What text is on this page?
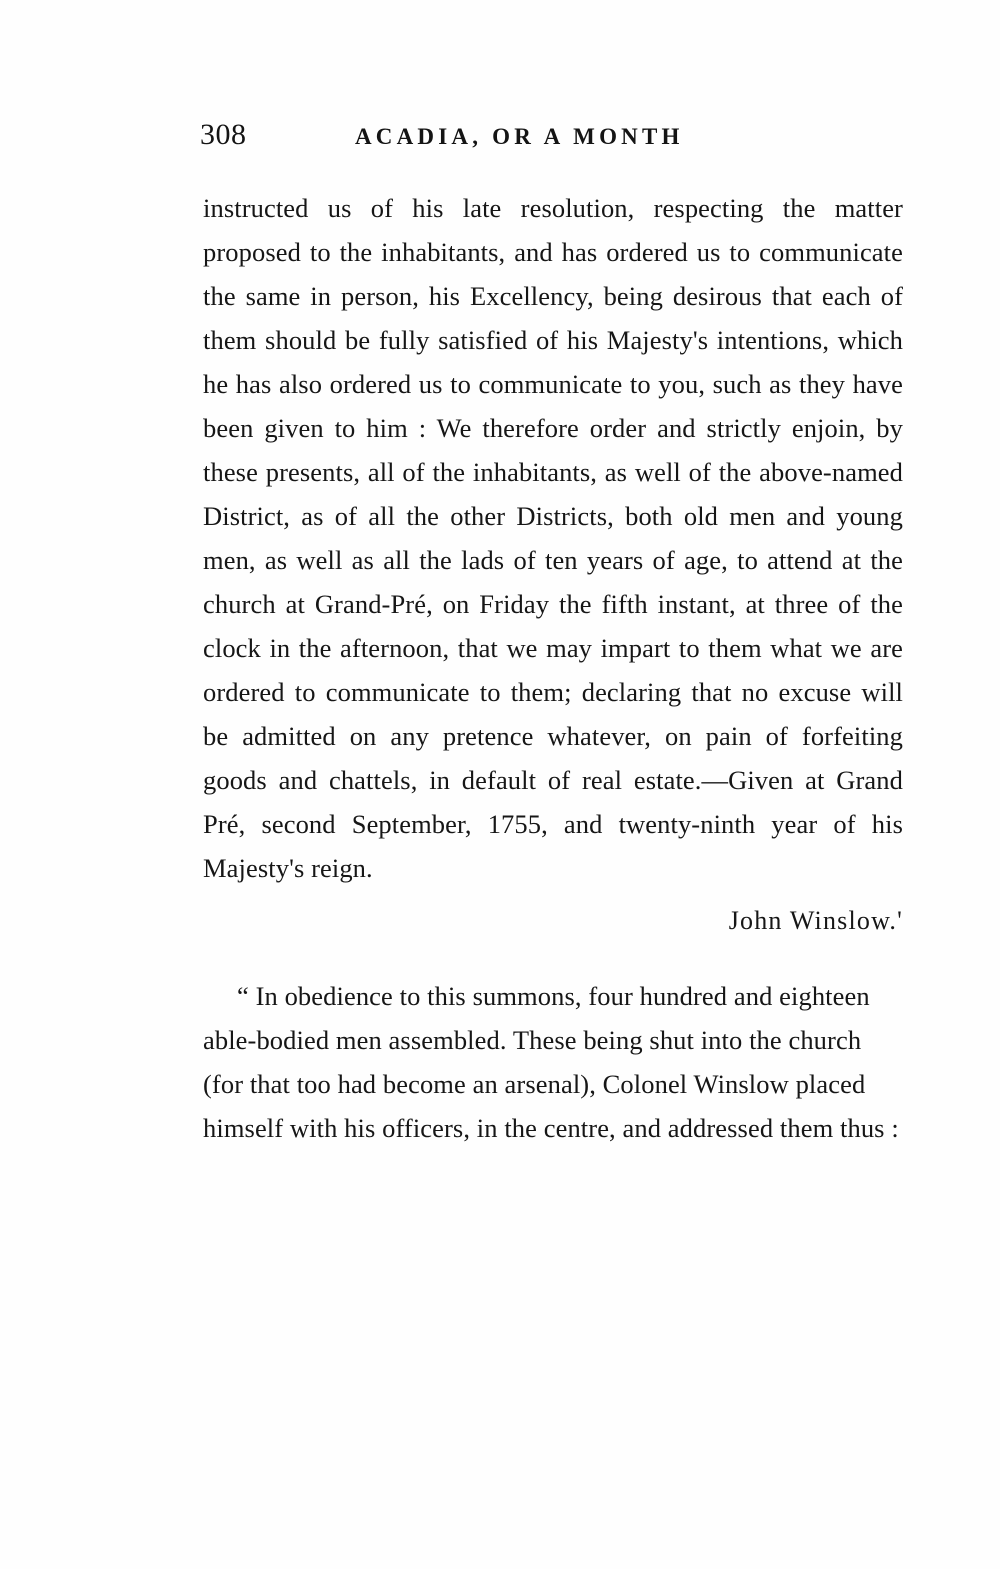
308	ACADIA, OR A MONTH

instructed us of his late resolution, respecting the matter proposed to the inhabitants, and has ordered us to communicate the same in person, his Excellency, being desirous that each of them should be fully satisfied of his Majesty's intentions, which he has also ordered us to communicate to you, such as they have been given to him : We therefore order and strictly enjoin, by these presents, all of the inhabitants, as well of the above-named District, as of all the other Districts, both old men and young men, as well as all the lads of ten years of age, to attend at the church at Grand-Pré, on Friday the fifth instant, at three of the clock in the afternoon, that we may impart to them what we are ordered to communicate to them; declaring that no excuse will be admitted on any pretence whatever, on pain of forfeiting goods and chattels, in default of real estate.—Given at Grand Pré, second September, 1755, and twenty-ninth year of his Majesty's reign.

John Winslow.'

“ In obedience to this summons, four hundred and eighteen able-bodied men assembled. These being shut into the church (for that too had become an arsenal), Colonel Winslow placed himself with his officers, in the centre, and addressed them thus :
